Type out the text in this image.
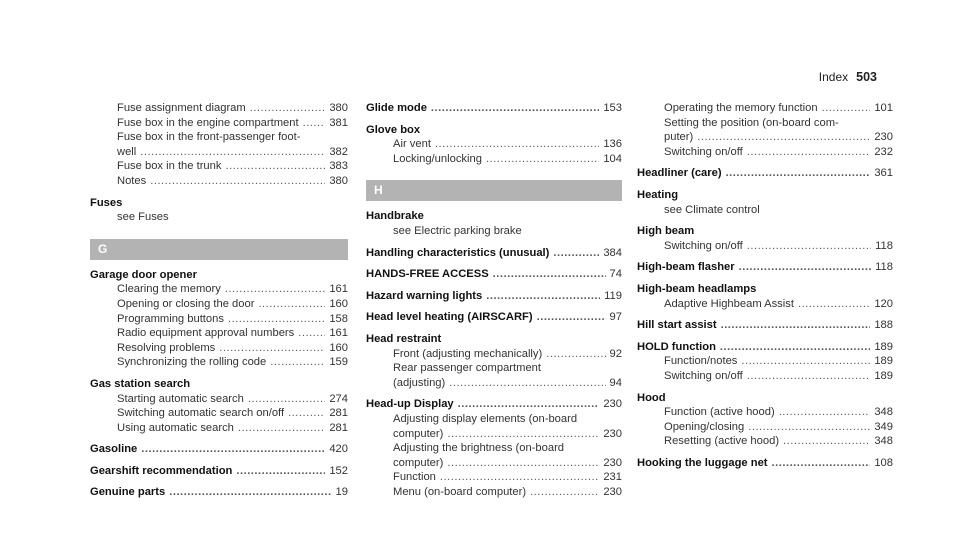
Index 503
Fuse assignment diagram .....	380
Fuse box in the engine compartment .....	381
Fuse box in the front-passenger foot-
well .....	382
Fuse box in the trunk .....	383
Notes .....	380
Fuses
see Fuses
G
Garage door opener
Clearing the memory .....	161
Opening or closing the door .....	160
Programming buttons .....	158
Radio equipment approval numbers .....	161
Resolving problems .....	160
Synchronizing the rolling code .....	159
Gas station search
Starting automatic search .....	274
Switching automatic search on/off .....	281
Using automatic search .....	281
Gasoline .....	420
Gearshift recommendation .....	152
Genuine parts .....	19
Glide mode .....	153
Glove box
Air vent .....	136
Locking/unlocking .....	104
H
Handbrake
see Electric parking brake
Handling characteristics (unusual) .....	384
HANDS-FREE ACCESS .....	74
Hazard warning lights .....	119
Head level heating (AIRSCARF) .....	97
Head restraint
Front (adjusting mechanically) .....	92
Rear passenger compartment
(adjusting) .....	94
Head-up Display .....	230
Adjusting display elements (on-board
computer) .....	230
Adjusting the brightness (on-board
computer) .....	230
Function .....	231
Menu (on-board computer) .....	230
Operating the memory function .....	101
Setting the position (on-board com-
puter) .....	230
Switching on/off .....	232
Headliner (care) .....	361
Heating
see Climate control
High beam
Switching on/off .....	118
High-beam flasher .....	118
High-beam headlamps
Adaptive Highbeam Assist .....	120
Hill start assist .....	188
HOLD function .....	189
Function/notes .....	189
Switching on/off .....	189
Hood
Function (active hood) .....	348
Opening/closing .....	349
Resetting (active hood) .....	348
Hooking the luggage net .....	108
